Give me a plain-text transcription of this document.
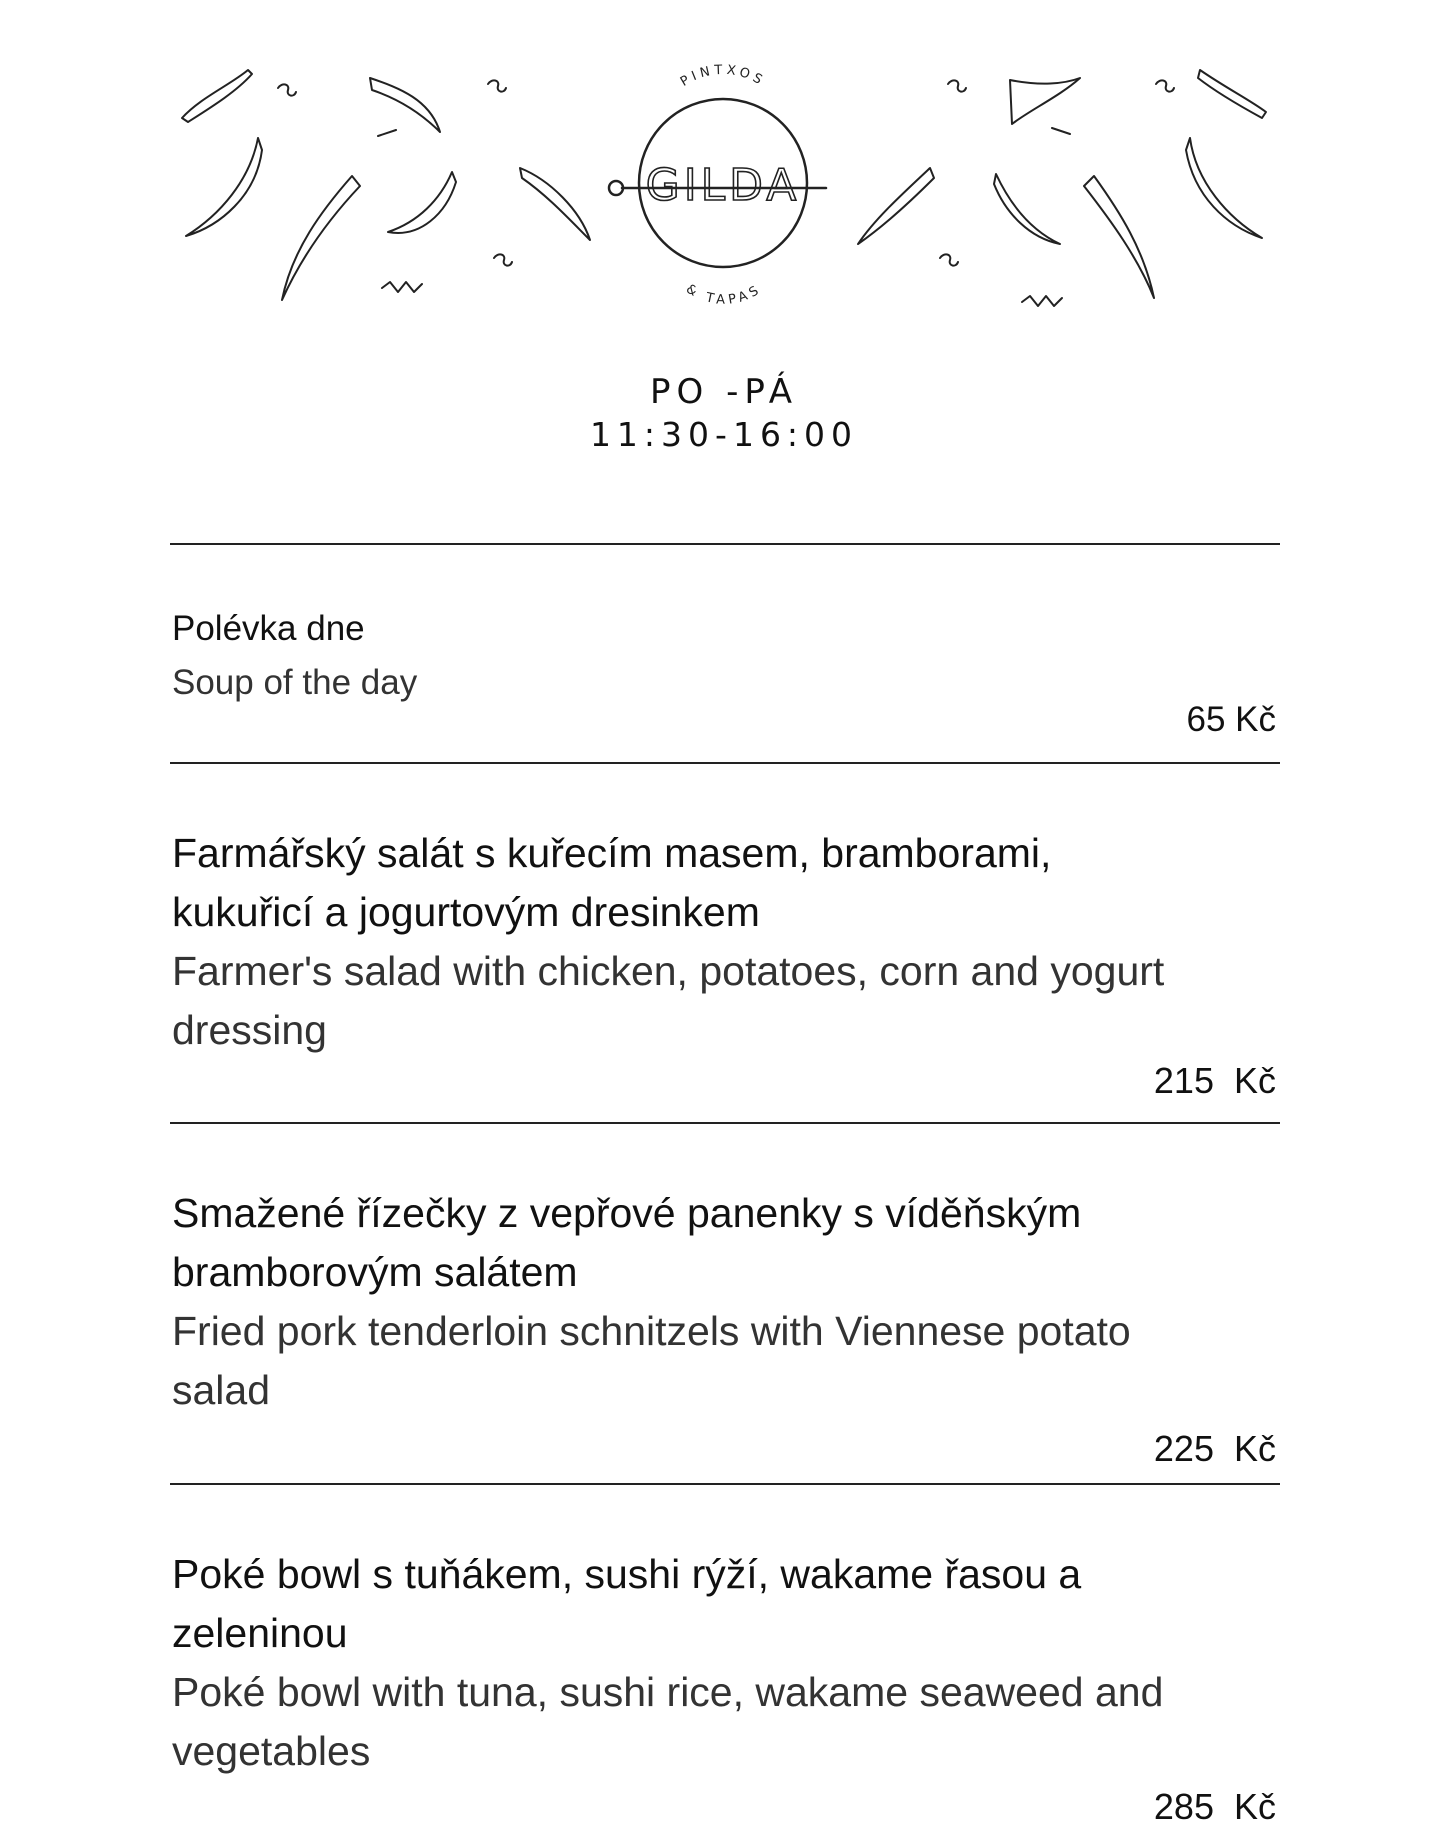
PINTXOS
& TAPAS
GILDA
PO -PÁ
11:30-16:00
Polévka dne
Soup of the day
65 Kč
Farmářský salát s kuřecím masem, bramborami, kukuřicí a jogurtovým dresinkem
Farmer's salad with chicken, potatoes, corn and yogurt dressing
215  Kč
Smažené řízečky z vepřové panenky s víděňským bramborovým salátem
Fried pork tenderloin schnitzels with Viennese potato salad
225  Kč
Poké bowl s tuňákem, sushi rýží, wakame řasou a zeleninou
Poké bowl with tuna, sushi rice, wakame seaweed and vegetables
285  Kč
